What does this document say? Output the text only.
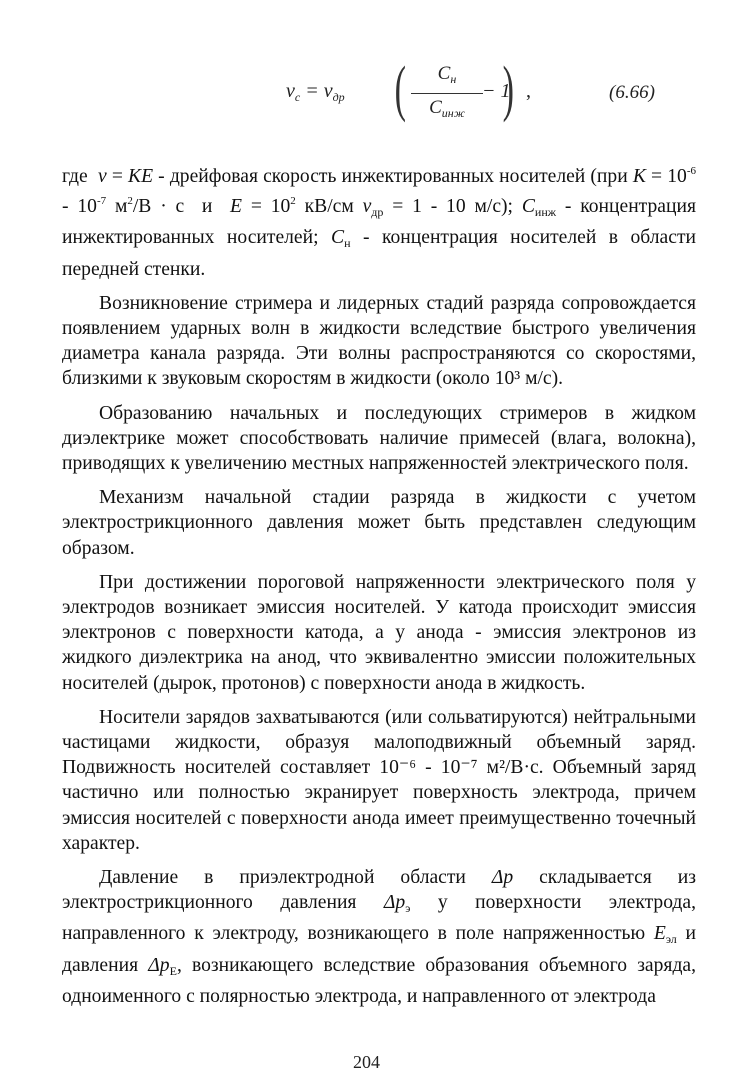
$v_c = v_{др}$ (	$C_н$
$C_{инж}$
− 1
) ,	(6.66)

где  v = KE - дрейфовая скорость инжектированных носителей (при $K = 10^{-6} - 10^{-7}$ $м^2/В \cdot с$  и  $E = 10^2$ кВ/см $v_{др} = 1 - 10$ м/с); $C_{инж}$ - концентрация инжектированных носителей; $C_н$ - концентрация носителей в области передней стенки.

Возникновение стримера и лидерных стадий разряда сопровождается появлением ударных волн в жидкости вследствие быстрого увеличения диаметра канала разряда. Эти волны распространяются со скоростями, близкими к звуковым скоростям в жидкости (около 10³ м/с).

Образованию начальных и последующих стримеров в жидком диэлектрике может способствовать наличие примесей (влага, волокна), приводящих к увеличению местных напряженностей электрического поля.

Механизм начальной стадии разряда в жидкости с учетом электрострикционного давления может быть представлен следующим образом.

При достижении пороговой напряженности электрического поля у электродов возникает эмиссия носителей. У катода происходит эмиссия электронов с поверхности катода, а у анода - эмиссия электронов из жидкого диэлектрика на анод, что эквивалентно эмиссии положительных носителей (дырок, протонов) с поверхности анода в жидкость.

Носители зарядов захватываются (или сольватируются) нейтральными частицами жидкости, образуя малоподвижный объемный заряд. Подвижность носителей составляет 10⁻⁶ - 10⁻⁷ м²/В·с. Объемный заряд частично или полностью экранирует поверхность электрода, причем эмиссия носителей с поверхности анода имеет преимущественно точечный характер.

Давление в приэлектродной области Δp складывается из электрострикционного давления $\Delta p_э$ у поверхности электрода, направленного к электроду, возникающего в поле напряженностью $E_{эл}$ и давления $\Delta p_E$, возникающего вследствие образования объемного заряда, одноименного с полярностью электрода, и направленного от электрода

204
